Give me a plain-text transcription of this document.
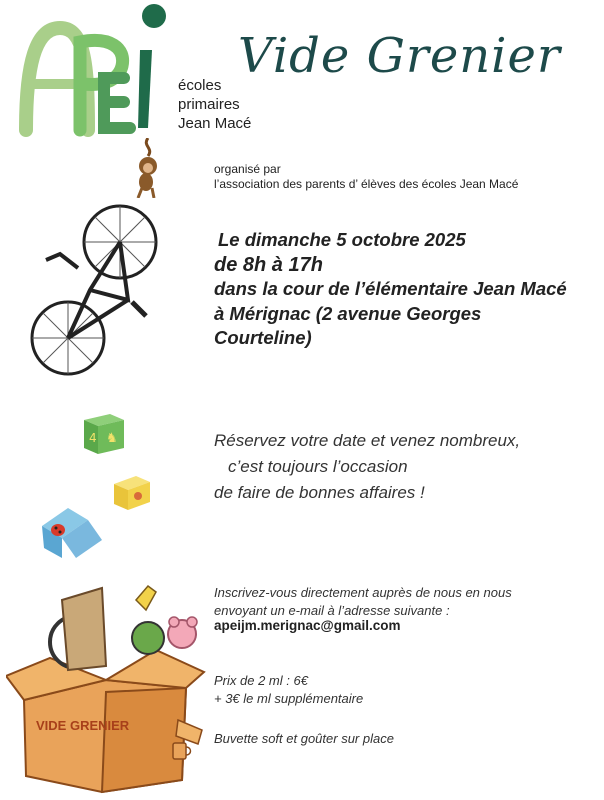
écoles
primaires
Jean Macé
Vide Grenier
organisé par
l’association des parents d’ élèves des écoles Jean Macé
Le dimanche 5 octobre 2025
de 8h à 17h
dans la cour de l’élémentaire Jean Macé
à Mérignac (2 avenue Georges
Courteline)
4 ♞	Réservez votre date et venez nombreux,
c’est toujours l’occasion
de faire de bonnes affaires !
VIDE GRENIER
Inscrivez-vous directement auprès de nous en nous
envoyant un e-mail à l’adresse suivante :
apeijm.merignac@gmail.com
Prix de 2 ml : 6€
+ 3€ le ml supplémentaire
Buvette soft et goûter sur place
